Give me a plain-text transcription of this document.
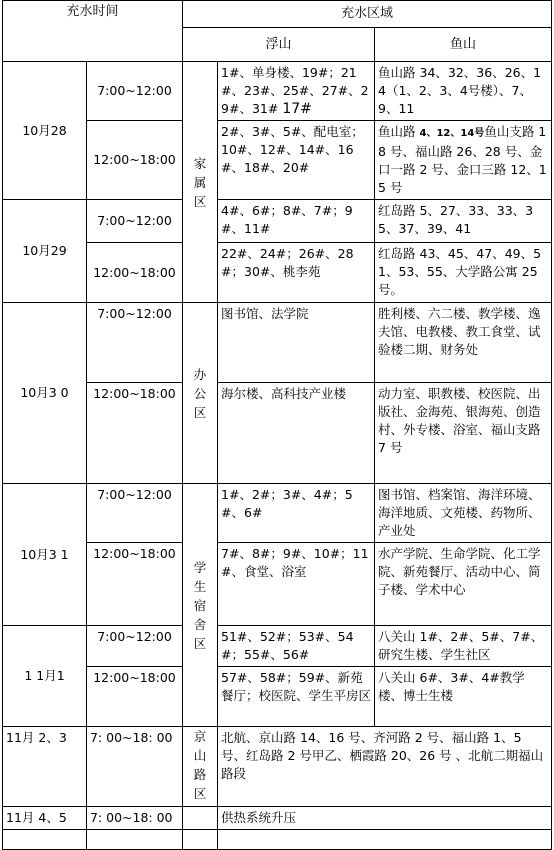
充水时间		充水区域		
		浮山		鱼山
10月28	7:00~12:00	家属区	1#、单身楼、19#；21#、23#、25#、27#、29#、31# 17#	鱼山路 34、32、36、26、14（1、2、3、4号楼）、7、9、11
	12:00~18:00		2#、3#、5#、配电室；10#、12#、14#、16#、18#、20#	鱼山路 4、12、14号鱼山支路 18 号、福山路 26、28 号、金口一路 2 号、金口三路 12、15 号
10月29	7:00~12:00		4#、6#；8#、7#；9#、11#	红岛路 5、27、33、33、35、37、39、41
	12:00~18:00		22#、24#；26#、28#；30#、桃李苑	红岛路 43、45、47、49、51、53、55、大学路公寓 25 号。
10月3 0	7:00~12:00	办公区	图书馆、法学院	胜利楼、六二楼、教学楼、逸夫馆、电教楼、教工食堂、试验楼二期、财务处
	12:00~18:00		海尔楼、高科技产业楼	动力室、职教楼、校医院、出版社、金海苑、银海苑、创造村、外专楼、浴室、福山支路 7 号
10月3 1	7:00~12:00	学生宿舍区	1#、2#；3#、4#；5#、6#	图书馆、档案馆、海洋环境、海洋地质、文苑楼、药物所、产业处
	12:00~18:00		7#、8#；9#、10#；11#、食堂、浴室	水产学院、生命学院、化工学院、新苑餐厅、活动中心、简子楼、学术中心
1 1月1	7:00~12:00		51#、52#；53#、54#；55#、56#	八关山 1#、2#、5#、7#、研究生楼、学生社区
	12:00~18:00		57#、58#；59#、新苑餐厅；校医院、学生平房区	八关山 6#、3#、4#教学楼、博士生楼
11月 2、3	7: 00~18: 00	京山路区	北航、京山路 14、16 号、齐河路 2 号、福山路 1、5 号、红岛路 2 号甲乙、栖霞路 20、26 号 、北航二期福山路段	
11月 4、5	7: 00~18: 00		供热系统升压	
